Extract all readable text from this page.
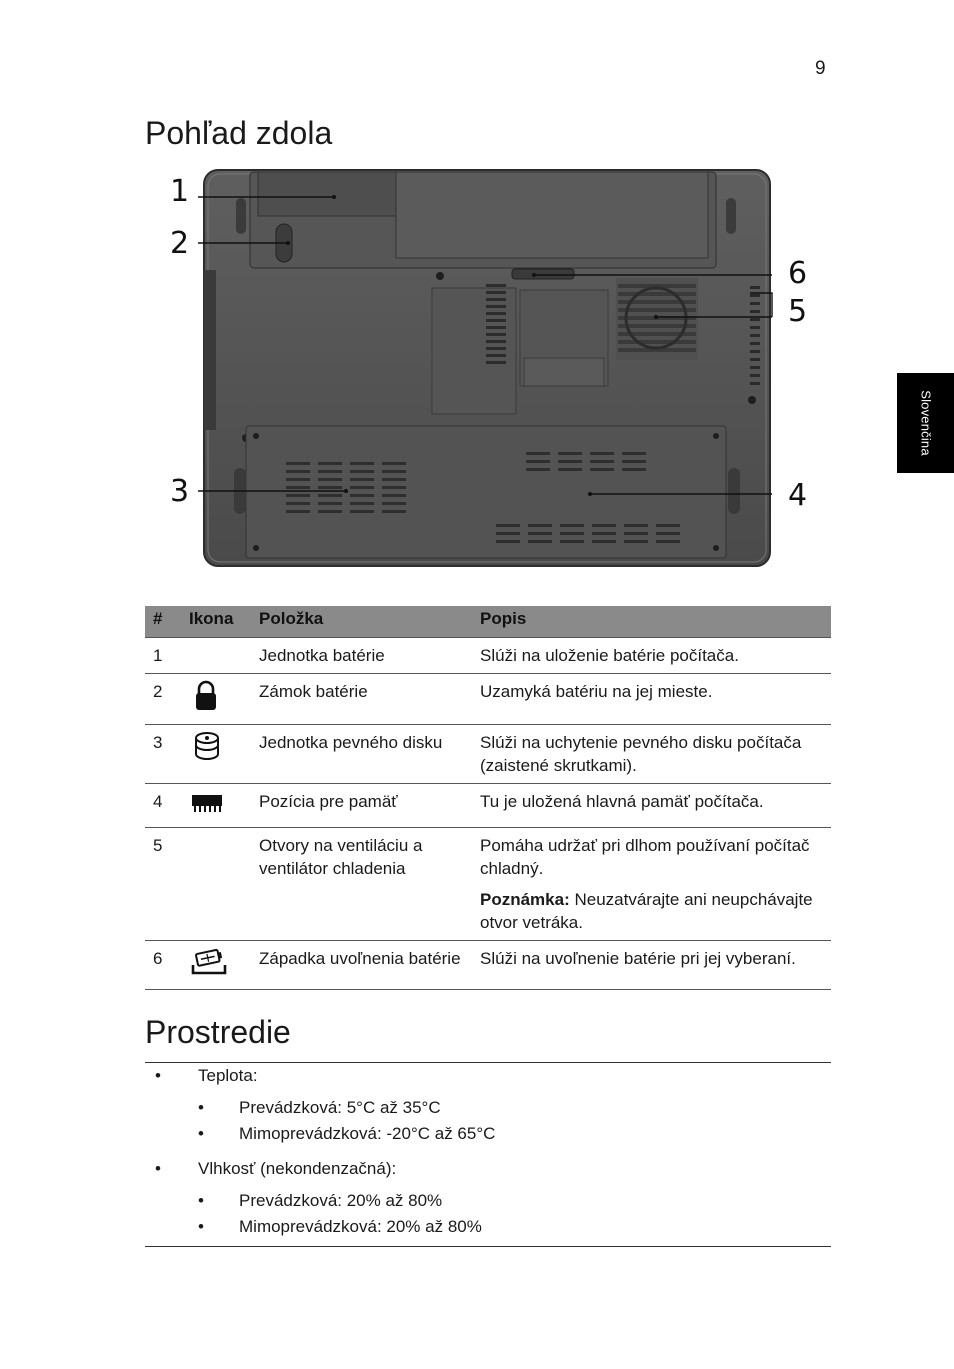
9
Slovenčina
Pohľad zdola
1
2
3	4
5
6
#	Ikona	Položka	Popis
1		Jednotka batérie	Slúži na uloženie batérie počítača.
2		Zámok batérie	Uzamyká batériu na jej mieste.
3		Jednotka pevného disku	Slúži na uchytenie pevného disku počítača (zaistené skrutkami).
4		Pozícia pre pamäť	Tu je uložená hlavná pamäť počítača.
5		Otvory na ventiláciu a ventilátor chladenia	Pomáha udržať pri dlhom používaní počítač chladný.
Poznámka: Neuzatvárajte ani neupchávajte otvor vetráka.

6		Západka uvoľnenia batérie	Slúži na uvoľnenie batérie pri jej vyberaní.
Prostredie
• Teplota:
• Prevádzková: 5°C až 35°C
• Mimoprevádzková: -20°C až 65°C
• Vlhkosť (nekondenzačná):
• Prevádzková: 20% až 80%
• Mimoprevádzková: 20% až 80%
